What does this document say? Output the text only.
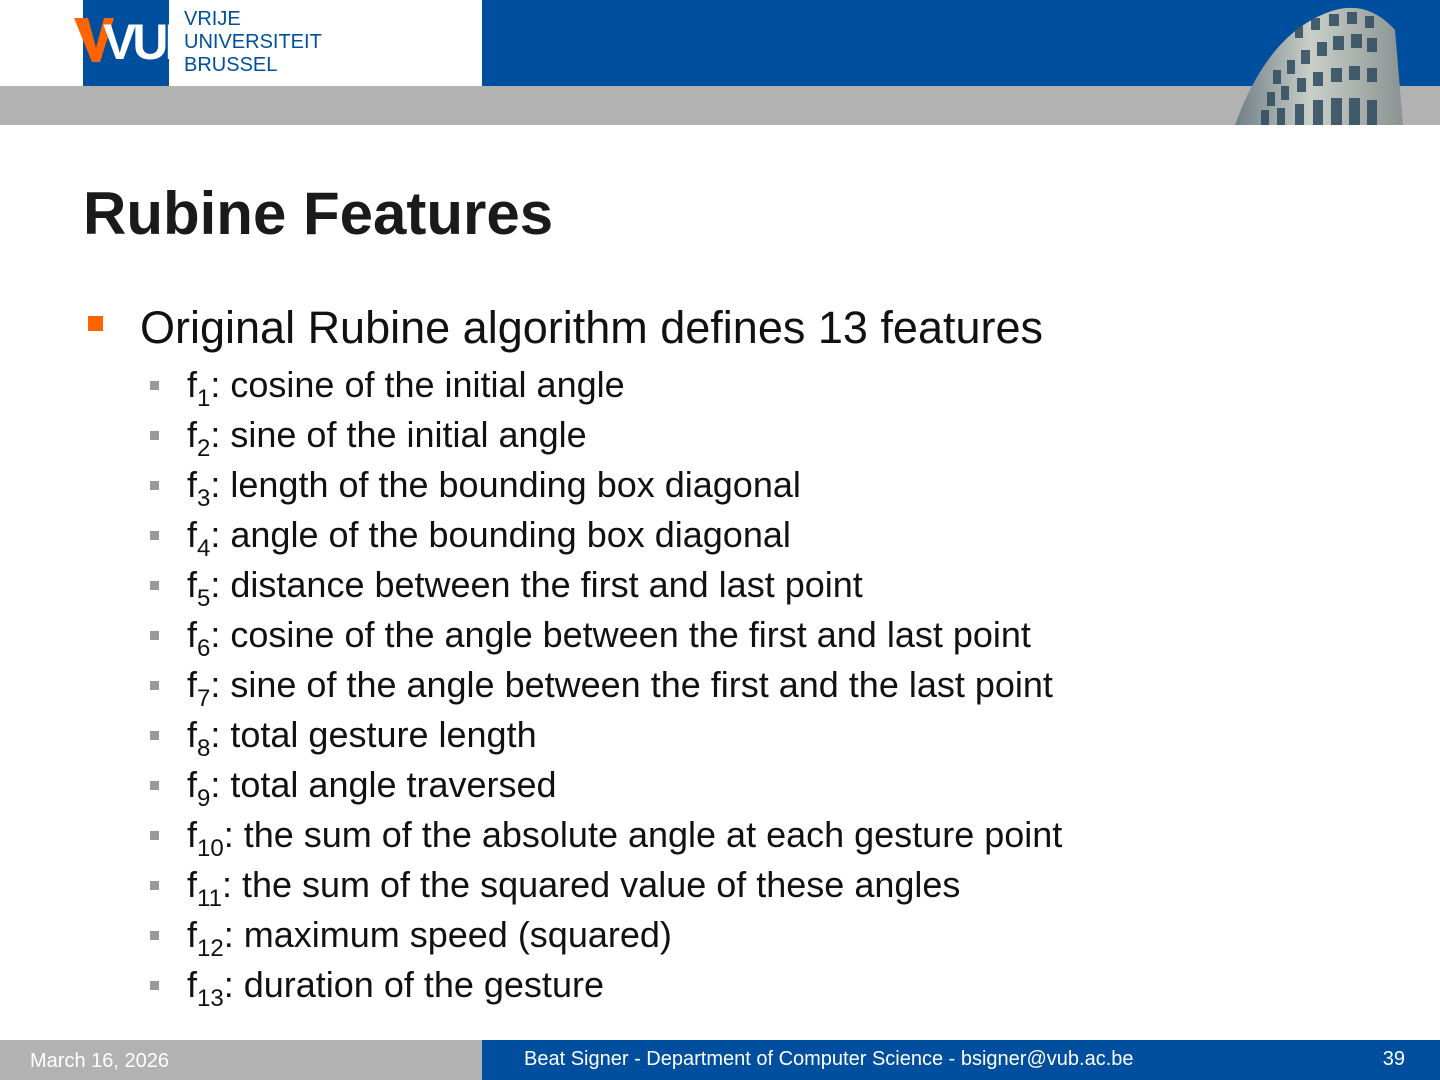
VUB
VRIJE
UNIVERSITEIT
BRUSSEL
Rubine Features
Original Rubine algorithm defines 13 features
$f_1$: cosine of the initial angle
$f_2$: sine of the initial angle
$f_3$: length of the bounding box diagonal
$f_4$: angle of the bounding box diagonal
$f_5$: distance between the first and last point
$f_6$: cosine of the angle between the first and last point
$f_7$: sine of the angle between the first and the last point
$f_8$: total gesture length
$f_9$: total angle traversed
$f_{10}$: the sum of the absolute angle at each gesture point
$f_{11}$: the sum of the squared value of these angles
$f_{12}$: maximum speed (squared)
$f_{13}$: duration of the gesture
March 16, 2026	Beat Signer - Department of Computer Science - bsigner@vub.ac.be	39
